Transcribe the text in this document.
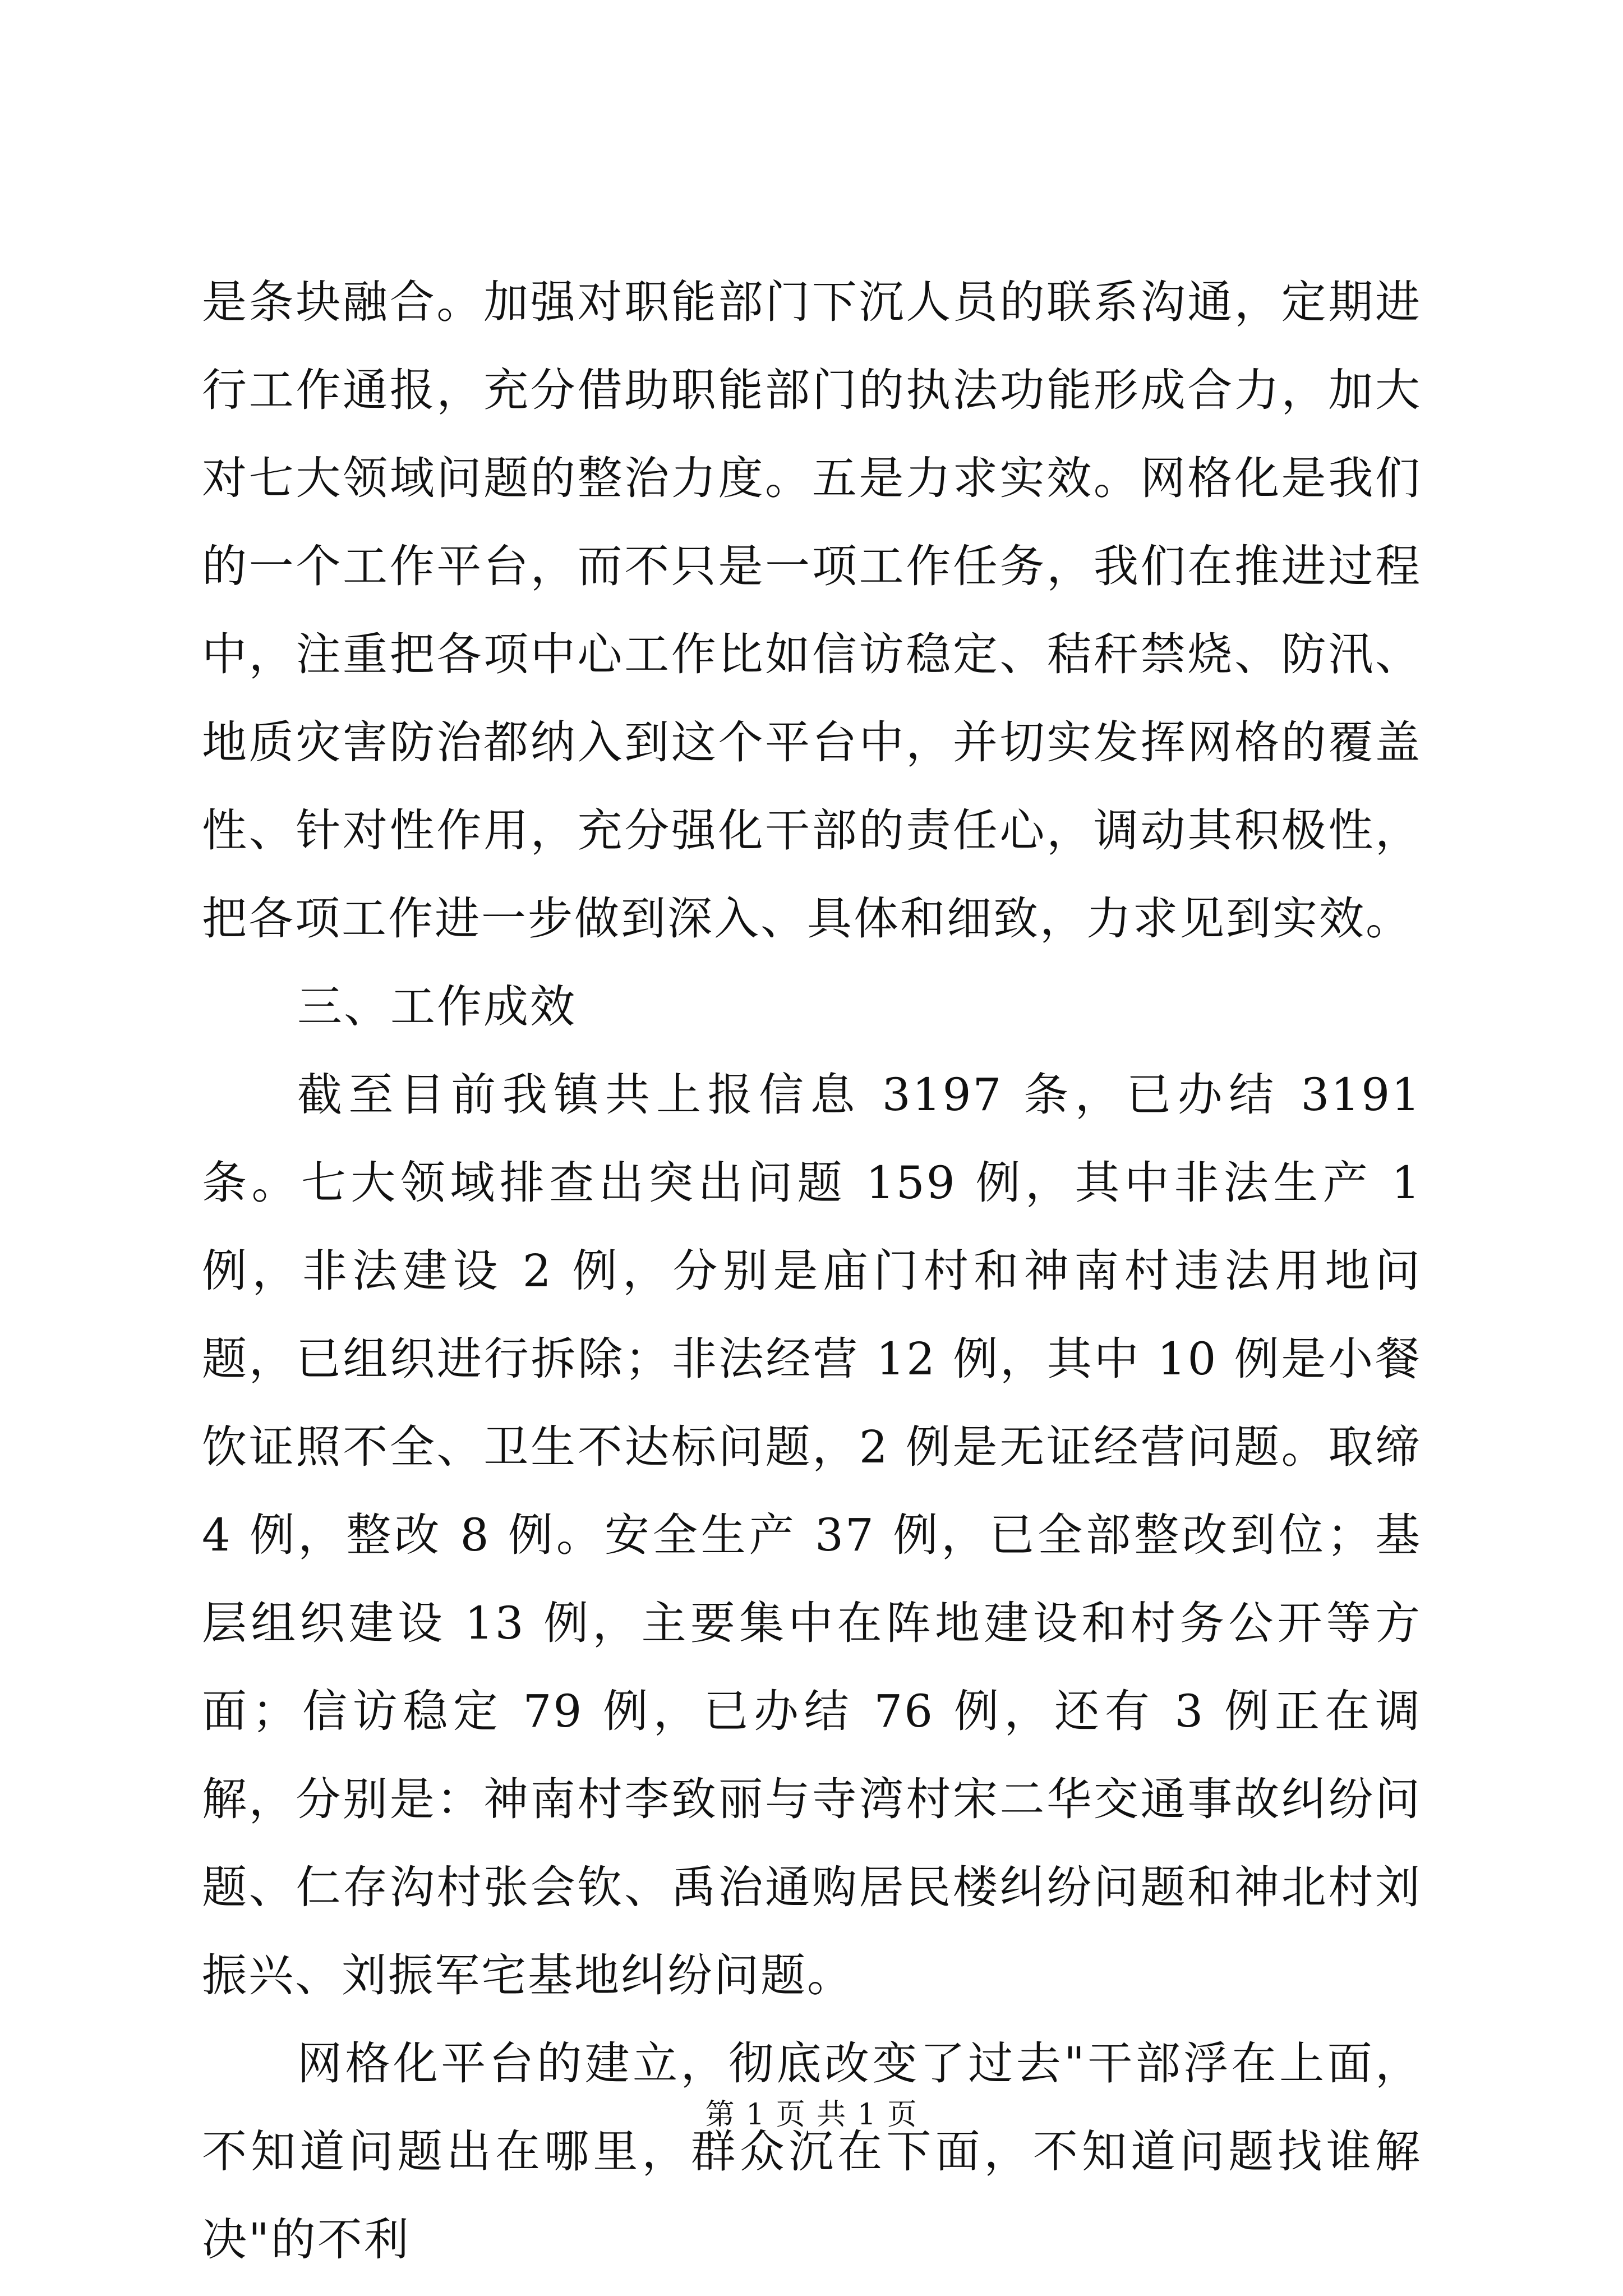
是条块融合。加强对职能部门下沉人员的联系沟通，定期进行工作通报，充分借助职能部门的执法功能形成合力，加大对七大领域问题的整治力度。五是力求实效。网格化是我们的一个工作平台，而不只是一项工作任务，我们在推进过程中，注重把各项中心工作比如信访稳定、秸秆禁烧、防汛、地质灾害防治都纳入到这个平台中，并切实发挥网格的覆盖性、针对性作用，充分强化干部的责任心，调动其积极性，把各项工作进一步做到深入、具体和细致，力求见到实效。

三、工作成效

截至目前我镇共上报信息 3197 条，已办结 3191 条。七大领域排查出突出问题 159 例，其中非法生产 1 例，非法建设 2 例，分别是庙门村和神南村违法用地问题，已组织进行拆除；非法经营 12 例，其中 10 例是小餐饮证照不全、卫生不达标问题，2 例是无证经营问题。取缔 4 例，整改 8 例。安全生产 37 例，已全部整改到位；基层组织建设 13 例，主要集中在阵地建设和村务公开等方面；信访稳定 79 例，已办结 76 例，还有 3 例正在调解，分别是：神南村李致丽与寺湾村宋二华交通事故纠纷问题、仁存沟村张会钦、禹治通购居民楼纠纷问题和神北村刘振兴、刘振军宅基地纠纷问题。

网格化平台的建立，彻底改变了过去"干部浮在上面，不知道问题出在哪里，群众沉在下面，不知道问题找谁解决"的不利

第 1 页 共 1 页
